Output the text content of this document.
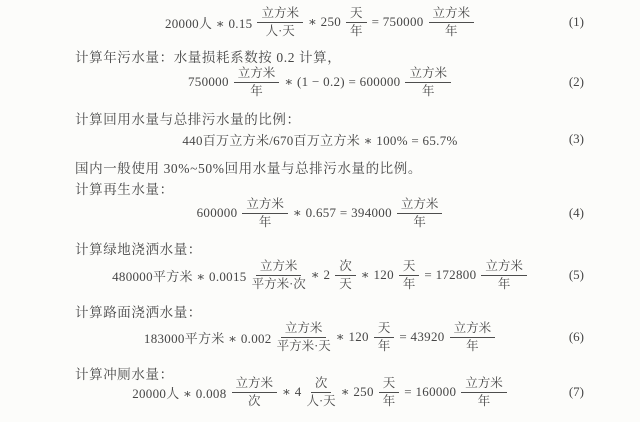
20000人 ∗ $0.15 \frac{\text{立方米}}{\text{人·天}}$ ∗ $250 \frac{\text{天}}{\text{年}} = 750000 \frac{\text{立方米}}{\text{年}}$	(1)
计算年污水量：水量损耗系数按 0.2 计算，
$750000 \frac{\text{立方米}}{\text{年}}$ ∗ $(1 - 0.2) = 600000 \frac{\text{立方米}}{\text{年}}$	(2)
计算回用水量与总排污水量的比例：
440百万立方米/670百万立方米 ∗ 100% = 65.7%	(3)
国内一般使用 30%~50%回用水量与总排污水量的比例。
计算再生水量：
$600000 \frac{\text{立方米}}{\text{年}}$ ∗ $0.657 = 394000 \frac{\text{立方米}}{\text{年}}$	(4)
计算绿地浇洒水量：
480000平方米 ∗ $0.0015 \frac{\text{立方米}}{\text{平方米·次}}$ ∗ $2 \frac{\text{次}}{\text{天}}$ ∗ $120 \frac{\text{天}}{\text{年}} = 172800 \frac{\text{立方米}}{\text{年}}$	(5)
计算路面浇洒水量：
183000平方米 ∗ $0.002 \frac{\text{立方米}}{\text{平方米·天}}$ ∗ $120 \frac{\text{天}}{\text{年}} = 43920 \frac{\text{立方米}}{\text{年}}$	(6)
计算冲厕水量：
20000人 ∗ $0.008 \frac{\text{立方米}}{\text{次}}$ ∗ $4 \frac{\text{次}}{\text{人·天}}$ ∗ $250 \frac{\text{天}}{\text{年}} = 160000 \frac{\text{立方米}}{\text{年}}$	(7)
